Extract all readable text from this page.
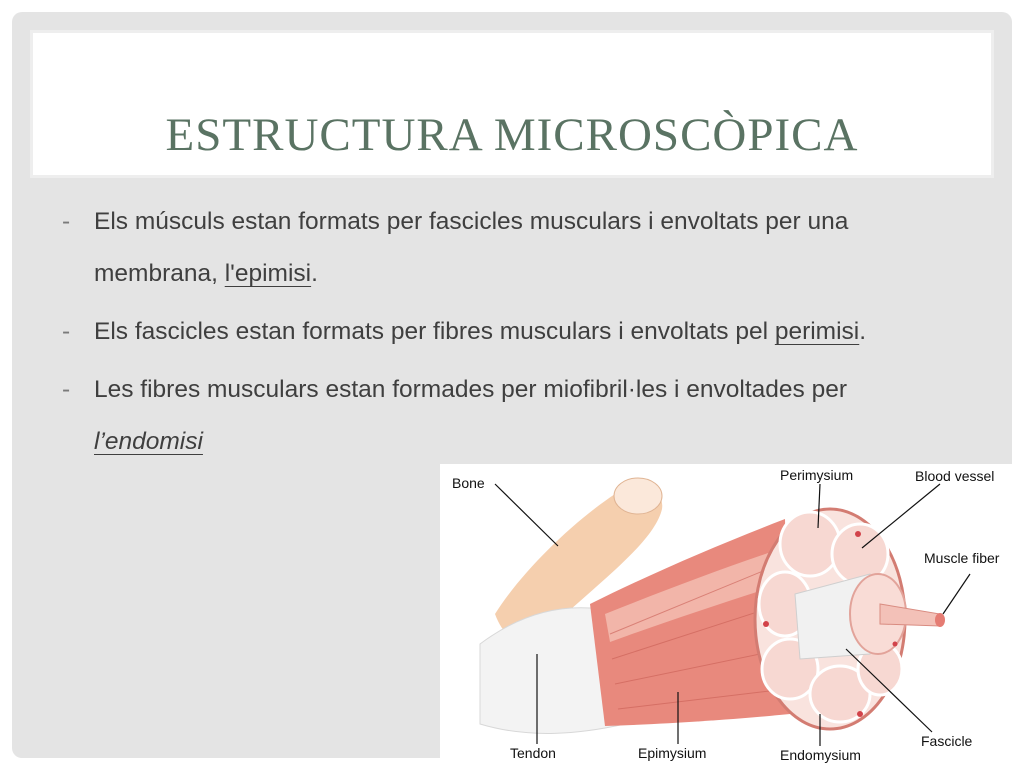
ESTRUCTURA MICROSCÒPICA
- Els músculs estan formats per fascicles musculars i envoltats per una membrana, l'epimisi.
- Els fascicles estan formats per fibres musculars i envoltats pel perimisi.
- Les fibres musculars estan formades per miofibril·les i envoltades per l’endomisi
Bone	Perimysium	Blood vessel
Muscle fiber
Tendon	Epimysium	Endomysium
Fascicle
